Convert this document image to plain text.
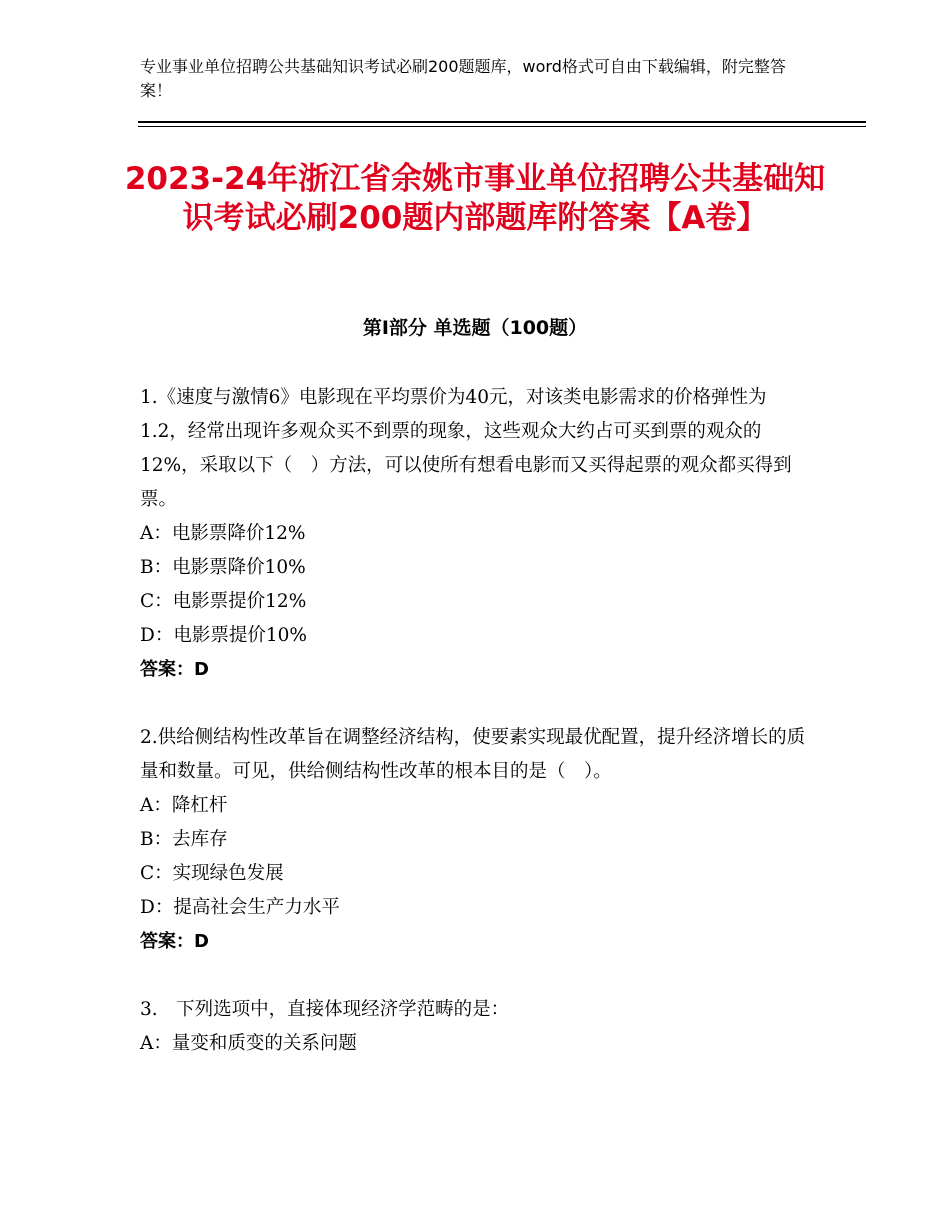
专业事业单位招聘公共基础知识考试必刷200题题库，word格式可自由下载编辑，附完整答案！
2023-24年浙江省余姚市事业单位招聘公共基础知识考试必刷200题内部题库附答案【A卷】
第Ⅰ部分 单选题（100题）

1.《速度与激情6》电影现在平均票价为40元，对该类电影需求的价格弹性为1.2，经常出现许多观众买不到票的现象，这些观众大约占可买到票的观众的12%，采取以下（　）方法，可以使所有想看电影而又买得起票的观众都买得到票。

A：电影票降价12%

B：电影票降价10%

C：电影票提价12%

D：电影票提价10%

答案：D

2.供给侧结构性改革旨在调整经济结构，使要素实现最优配置，提升经济增长的质量和数量。可见，供给侧结构性改革的根本目的是（　）。

A：降杠杆

B：去库存

C：实现绿色发展

D：提高社会生产力水平

答案：D

3.　下列选项中，直接体现经济学范畴的是：

A：量变和质变的关系问题
